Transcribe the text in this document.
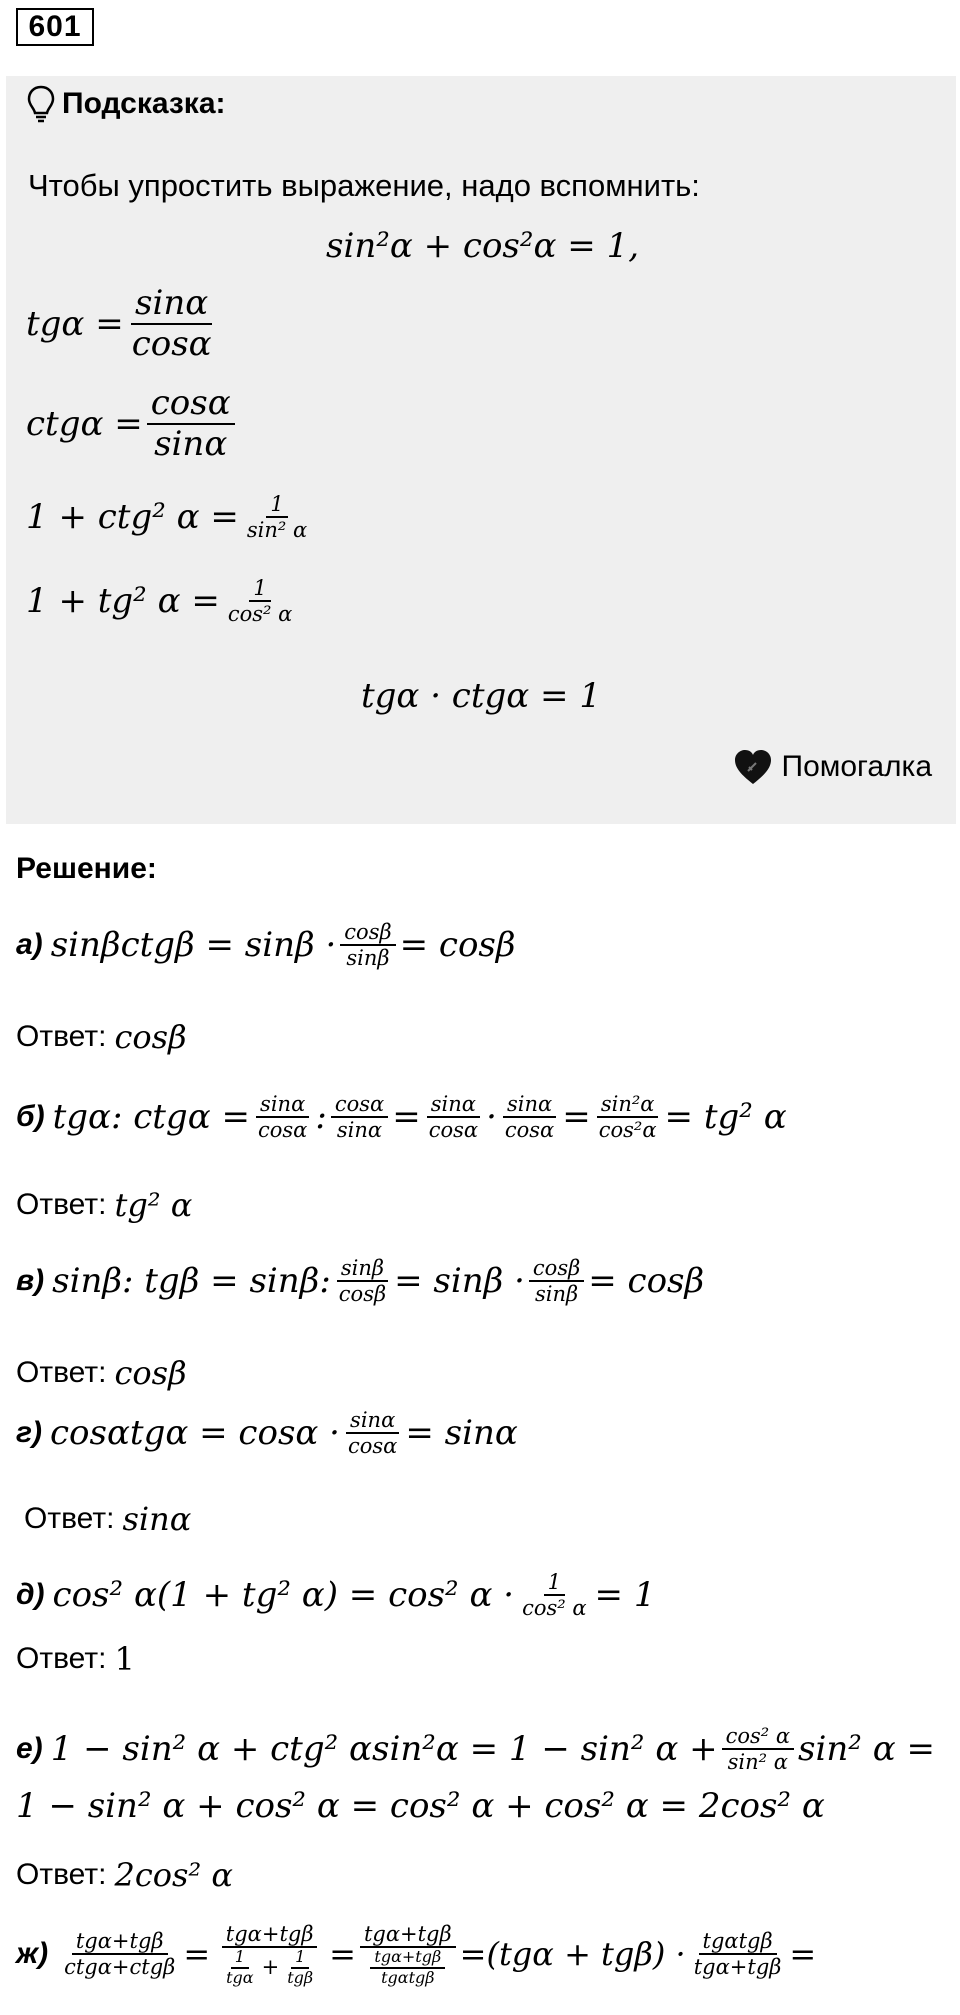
601
Подсказка:
Чтобы упростить выражение, надо вспомнить:
sin²α + cos²α = 1,
$tg\alpha = \frac{\sin\alpha}{\cos\alpha}$
$ctg\alpha = \frac{\cos\alpha}{\sin\alpha}$
1 + ctg² $\alpha = \frac{1}{\text{sin² α}}$
1 + tg² $\alpha = \frac{1}{\text{cos² α}}$
tgα · ctgα = 1
Помогалка
Решение:
а) $\sin\beta ctg\beta = \sin\beta \cdot \frac{\cos\beta}{\sin\beta} = \cos\beta$
Ответ: cosβ
б) tgα: $ctg\alpha = \frac{\sin\alpha}{\cos\alpha}$ : $\frac{\cos\alpha}{\sin\alpha} = \frac{\sin\alpha}{\cos\alpha} \cdot \frac{\sin\alpha}{\cos\alpha} = \frac{\text{sin²α}}{\text{cos²α}} = tg^2$ α
Ответ: tg² α
в) sinβ: tgβ = sinβ: $\frac{\sin\beta}{\cos\beta} = \sin\beta \cdot \frac{\cos\beta}{\sin\beta} = \cos\beta$
Ответ: cosβ
г) $\cos\alpha tg\alpha = \cos\alpha \cdot \frac{\sin\alpha}{\cos\alpha} = \sin\alpha$
Ответ: sinα
д) cos² α(1 + tg² α) = cos² $\alpha \cdot \frac{1}{\text{cos² α}} = 1$
Ответ: 1
е) 1 − sin² α + ctg² αsin²α = 1 − sin² $\alpha + \frac{\text{cos² α}}{\text{sin² α}} \sin^2$ α =
1 − sin² α + cos² α = cos² α + cos² α = 2cos² α
Ответ: 2cos² α
$ж) \frac{\text{tgα+tgβ}}{\text{ctgα+ctgβ}} = \frac{\text{tgα+tgβ}}{\frac{1}{\text{tgα}} + \frac{1}{\text{tgβ}}} = \frac{\text{tgα+tgβ}}{\frac{\text{tgα+tgβ}}{\text{tgαtgβ}}} = (tg\alpha + tg\beta) \cdot \frac{\text{tgαtgβ}}{\text{tgα+tgβ}}$ =
